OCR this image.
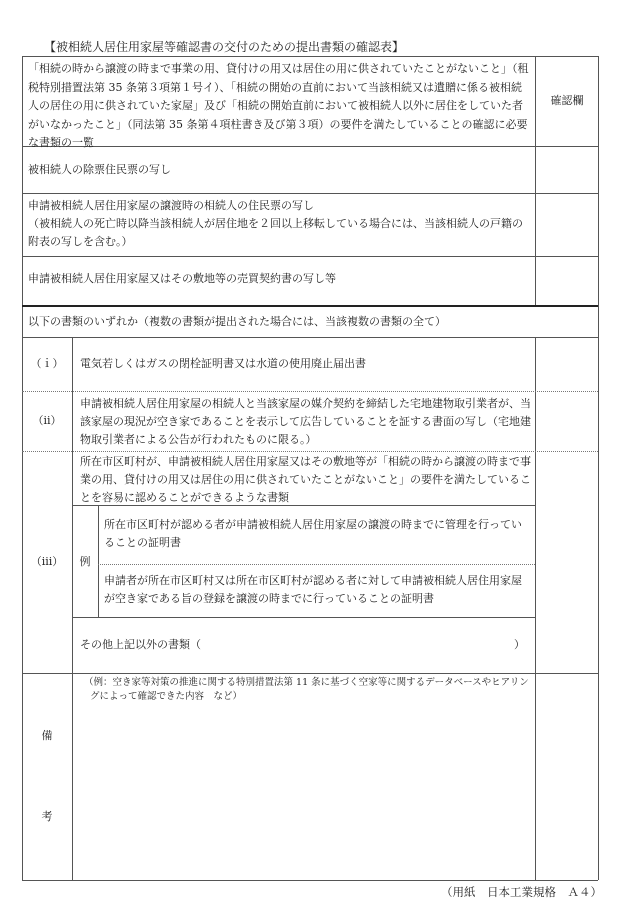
【被相続人居住用家屋等確認書の交付のための提出書類の確認表】
「相続の時から譲渡の時まで事業の用、貸付けの用又は居住の用に供されていたことがないこと」（租税特別措置法第 35 条第３項第１号イ）、「相続の開始の直前において当該相続又は遺贈に係る被相続人の居住の用に供されていた家屋」及び「相続の開始直前において被相続人以外に居住をしていた者がいなかったこと」（同法第 35 条第４項柱書き及び第３項）の要件を満たしていることの確認に必要な書類の一覧
確認欄
被相続人の除票住民票の写し
申請被相続人居住用家屋の譲渡時の相続人の住民票の写し
（被相続人の死亡時以降当該相続人が居住地を２回以上移転している場合には、当該相続人の戸籍の附表の写しを含む。）
申請被相続人居住用家屋又はその敷地等の売買契約書の写し等
以下の書類のいずれか（複数の書類が提出された場合には、当該複数の書類の全て）
（ｉ）	電気若しくはガスの閉栓証明書又は水道の使用廃止届出書
（ⅱ）
申請被相続人居住用家屋の相続人と当該家屋の媒介契約を締結した宅地建物取引業者が、当該家屋の現況が空き家であることを表示して広告していることを証する書面の写し（宅地建物取引業者による公告が行われたものに限る。）
（ⅲ）
所在市区町村が、申請被相続人居住用家屋又はその敷地等が「相続の時から譲渡の時まで事業の用、貸付けの用又は居住の用に供されていたことがないこと」の要件を満たしていることを容易に認めることができるような書類
例
所在市区町村が認める者が申請被相続人居住用家屋の譲渡の時までに管理を行っていることの証明書
申請者が所在市区町村又は所在市区町村が認める者に対して申請被相続人居住用家屋が空き家である旨の登録を譲渡の時までに行っていることの証明書
その他上記以外の書類（	）
備
考
（例：空き家等対策の推進に関する特別措置法第 11 条に基づく空家等に関するデータベースやヒアリングによって確認できた内容　など）
（用紙　日本工業規格　Ａ４）
